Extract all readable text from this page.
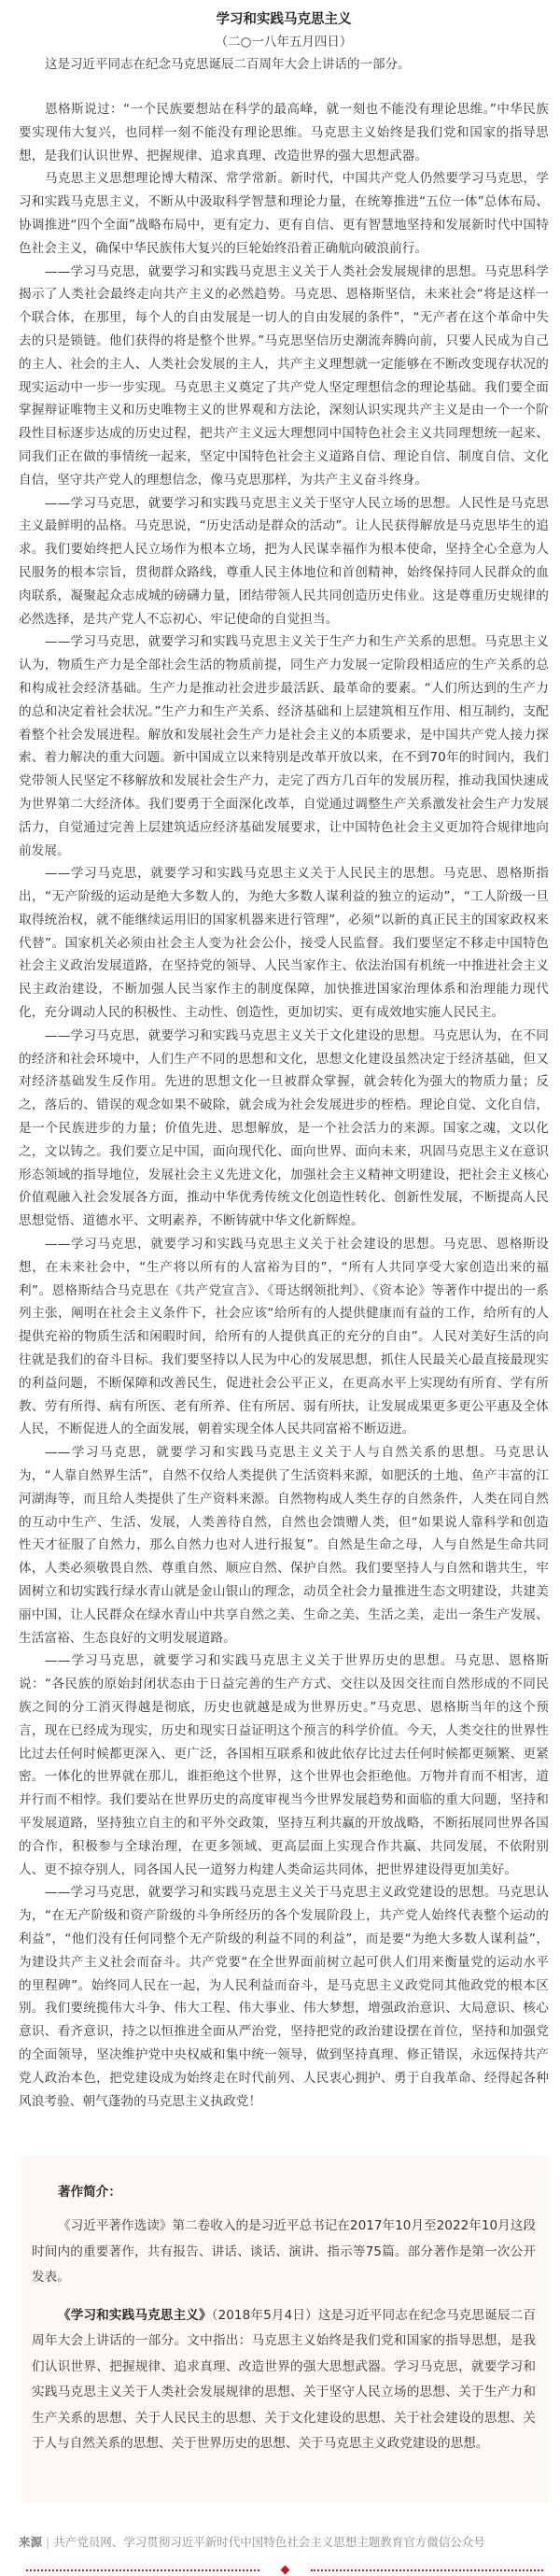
学习和实践马克思主义

（二○一八年五月四日）

这是习近平同志在纪念马克思诞辰二百周年大会上讲话的一部分。

恩格斯说过：“一个民族要想站在科学的最高峰，就一刻也不能没有理论思维。”中华民族要实现伟大复兴，也同样一刻不能没有理论思维。马克思主义始终是我们党和国家的指导思想，是我们认识世界、把握规律、追求真理、改造世界的强大思想武器。

马克思主义思想理论博大精深、常学常新。新时代，中国共产党人仍然要学习马克思，学习和实践马克思主义，不断从中汲取科学智慧和理论力量，在统筹推进“五位一体”总体布局、协调推进“四个全面”战略布局中，更有定力、更有自信、更有智慧地坚持和发展新时代中国特色社会主义，确保中华民族伟大复兴的巨轮始终沿着正确航向破浪前行。

——学习马克思，就要学习和实践马克思主义关于人类社会发展规律的思想。马克思科学揭示了人类社会最终走向共产主义的必然趋势。马克思、恩格斯坚信，未来社会“将是这样一个联合体，在那里，每个人的自由发展是一切人的自由发展的条件”，“无产者在这个革命中失去的只是锁链。他们获得的将是整个世界。”马克思坚信历史潮流奔腾向前，只要人民成为自己的主人、社会的主人、人类社会发展的主人，共产主义理想就一定能够在不断改变现存状况的现实运动中一步一步实现。马克思主义奠定了共产党人坚定理想信念的理论基础。我们要全面掌握辩证唯物主义和历史唯物主义的世界观和方法论，深刻认识实现共产主义是由一个一个阶段性目标逐步达成的历史过程，把共产主义远大理想同中国特色社会主义共同理想统一起来、同我们正在做的事情统一起来，坚定中国特色社会主义道路自信、理论自信、制度自信、文化自信，坚守共产党人的理想信念，像马克思那样，为共产主义奋斗终身。

——学习马克思，就要学习和实践马克思主义关于坚守人民立场的思想。人民性是马克思主义最鲜明的品格。马克思说，“历史活动是群众的活动”。让人民获得解放是马克思毕生的追求。我们要始终把人民立场作为根本立场，把为人民谋幸福作为根本使命，坚持全心全意为人民服务的根本宗旨，贯彻群众路线，尊重人民主体地位和首创精神，始终保持同人民群众的血肉联系，凝聚起众志成城的磅礴力量，团结带领人民共同创造历史伟业。这是尊重历史规律的必然选择，是共产党人不忘初心、牢记使命的自觉担当。

——学习马克思，就要学习和实践马克思主义关于生产力和生产关系的思想。马克思主义认为，物质生产力是全部社会生活的物质前提，同生产力发展一定阶段相适应的生产关系的总和构成社会经济基础。生产力是推动社会进步最活跃、最革命的要素。“人们所达到的生产力的总和决定着社会状况。”生产力和生产关系、经济基础和上层建筑相互作用、相互制约，支配着整个社会发展进程。解放和发展社会生产力是社会主义的本质要求，是中国共产党人接力探索、着力解决的重大问题。新中国成立以来特别是改革开放以来，在不到70年的时间内，我们党带领人民坚定不移解放和发展社会生产力，走完了西方几百年的发展历程，推动我国快速成为世界第二大经济体。我们要勇于全面深化改革，自觉通过调整生产关系激发社会生产力发展活力，自觉通过完善上层建筑适应经济基础发展要求，让中国特色社会主义更加符合规律地向前发展。

——学习马克思，就要学习和实践马克思主义关于人民民主的思想。马克思、恩格斯指出，“无产阶级的运动是绝大多数人的，为绝大多数人谋利益的独立的运动”，“工人阶级一旦取得统治权，就不能继续运用旧的国家机器来进行管理”，必须“以新的真正民主的国家政权来代替”。国家机关必须由社会主人变为社会公仆，接受人民监督。我们要坚定不移走中国特色社会主义政治发展道路，在坚持党的领导、人民当家作主、依法治国有机统一中推进社会主义民主政治建设，不断加强人民当家作主的制度保障，加快推进国家治理体系和治理能力现代化，充分调动人民的积极性、主动性、创造性，更加切实、更有成效地实施人民民主。

——学习马克思，就要学习和实践马克思主义关于文化建设的思想。马克思认为，在不同的经济和社会环境中，人们生产不同的思想和文化，思想文化建设虽然决定于经济基础，但又对经济基础发生反作用。先进的思想文化一旦被群众掌握，就会转化为强大的物质力量；反之，落后的、错误的观念如果不破除，就会成为社会发展进步的桎梏。理论自觉、文化自信，是一个民族进步的力量；价值先进、思想解放，是一个社会活力的来源。国家之魂，文以化之，文以铸之。我们要立足中国，面向现代化、面向世界、面向未来，巩固马克思主义在意识形态领域的指导地位，发展社会主义先进文化，加强社会主义精神文明建设，把社会主义核心价值观融入社会发展各方面，推动中华优秀传统文化创造性转化、创新性发展，不断提高人民思想觉悟、道德水平、文明素养，不断铸就中华文化新辉煌。

——学习马克思，就要学习和实践马克思主义关于社会建设的思想。马克思、恩格斯设想，在未来社会中，“生产将以所有的人富裕为目的”，“所有人共同享受大家创造出来的福利”。恩格斯结合马克思在《共产党宣言》、《哥达纲领批判》、《资本论》等著作中提出的一系列主张，阐明在社会主义条件下，社会应该“给所有的人提供健康而有益的工作，给所有的人提供充裕的物质生活和闲暇时间，给所有的人提供真正的充分的自由”。人民对美好生活的向往就是我们的奋斗目标。我们要坚持以人民为中心的发展思想，抓住人民最关心最直接最现实的利益问题，不断保障和改善民生，促进社会公平正义，在更高水平上实现幼有所育、学有所教、劳有所得、病有所医、老有所养、住有所居、弱有所扶，让发展成果更多更公平惠及全体人民，不断促进人的全面发展，朝着实现全体人民共同富裕不断迈进。

——学习马克思，就要学习和实践马克思主义关于人与自然关系的思想。马克思认为，“人靠自然界生活”，自然不仅给人类提供了生活资料来源，如肥沃的土地、鱼产丰富的江河湖海等，而且给人类提供了生产资料来源。自然物构成人类生存的自然条件，人类在同自然的互动中生产、生活、发展，人类善待自然，自然也会馈赠人类，但“如果说人靠科学和创造性天才征服了自然力，那么自然力也对人进行报复”。自然是生命之母，人与自然是生命共同体，人类必须敬畏自然、尊重自然、顺应自然、保护自然。我们要坚持人与自然和谐共生，牢固树立和切实践行绿水青山就是金山银山的理念，动员全社会力量推进生态文明建设，共建美丽中国，让人民群众在绿水青山中共享自然之美、生命之美、生活之美，走出一条生产发展、生活富裕、生态良好的文明发展道路。

——学习马克思，就要学习和实践马克思主义关于世界历史的思想。马克思、恩格斯说：“各民族的原始封闭状态由于日益完善的生产方式、交往以及因交往而自然形成的不同民族之间的分工消灭得越是彻底，历史也就越是成为世界历史。”马克思、恩格斯当年的这个预言，现在已经成为现实，历史和现实日益证明这个预言的科学价值。今天，人类交往的世界性比过去任何时候都更深入、更广泛，各国相互联系和彼此依存比过去任何时候都更频繁、更紧密。一体化的世界就在那儿，谁拒绝这个世界，这个世界也会拒绝他。万物并育而不相害，道并行而不相悖。我们要站在世界历史的高度审视当今世界发展趋势和面临的重大问题，坚持和平发展道路，坚持独立自主的和平外交政策，坚持互利共赢的开放战略，不断拓展同世界各国的合作，积极参与全球治理，在更多领域、更高层面上实现合作共赢、共同发展，不依附别人、更不掠夺别人，同各国人民一道努力构建人类命运共同体，把世界建设得更加美好。

——学习马克思，就要学习和实践马克思主义关于马克思主义政党建设的思想。马克思认为，“在无产阶级和资产阶级的斗争所经历的各个发展阶段上，共产党人始终代表整个运动的利益”，“他们没有任何同整个无产阶级的利益不同的利益”，而是要“为绝大多数人谋利益”，为建设共产主义社会而奋斗。共产党要“在全世界面前树立起可供人们用来衡量党的运动水平的里程碑”。始终同人民在一起，为人民利益而奋斗，是马克思主义政党同其他政党的根本区别。我们要统揽伟大斗争、伟大工程、伟大事业、伟大梦想，增强政治意识、大局意识、核心意识、看齐意识，持之以恒推进全面从严治党，坚持把党的政治建设摆在首位，坚持和加强党的全面领导，坚决维护党中央权威和集中统一领导，做到坚持真理、修正错误，永远保持共产党人政治本色，把党建设成为始终走在时代前列、人民衷心拥护、勇于自我革命、经得起各种风浪考验、朝气蓬勃的马克思主义执政党！

著作简介：

《习近平著作选读》第二卷收入的是习近平总书记在2017年10月至2022年10月这段时间内的重要著作，共有报告、讲话、谈话、演讲、指示等75篇。部分著作是第一次公开发表。

《学习和实践马克思主义》（2018年5月4日）这是习近平同志在纪念马克思诞辰二百周年大会上讲话的一部分。文中指出：马克思主义始终是我们党和国家的指导思想，是我们认识世界、把握规律、追求真理、改造世界的强大思想武器。学习马克思，就要学习和实践马克思主义关于人类社会发展规律的思想、关于坚守人民立场的思想、关于生产力和生产关系的思想、关于人民民主的思想、关于文化建设的思想、关于社会建设的思想、关于人与自然关系的思想、关于世界历史的思想、关于马克思主义政党建设的思想。

来源 | 共产党员网、学习贯彻习近平新时代中国特色社会主义思想主题教育官方微信公众号
